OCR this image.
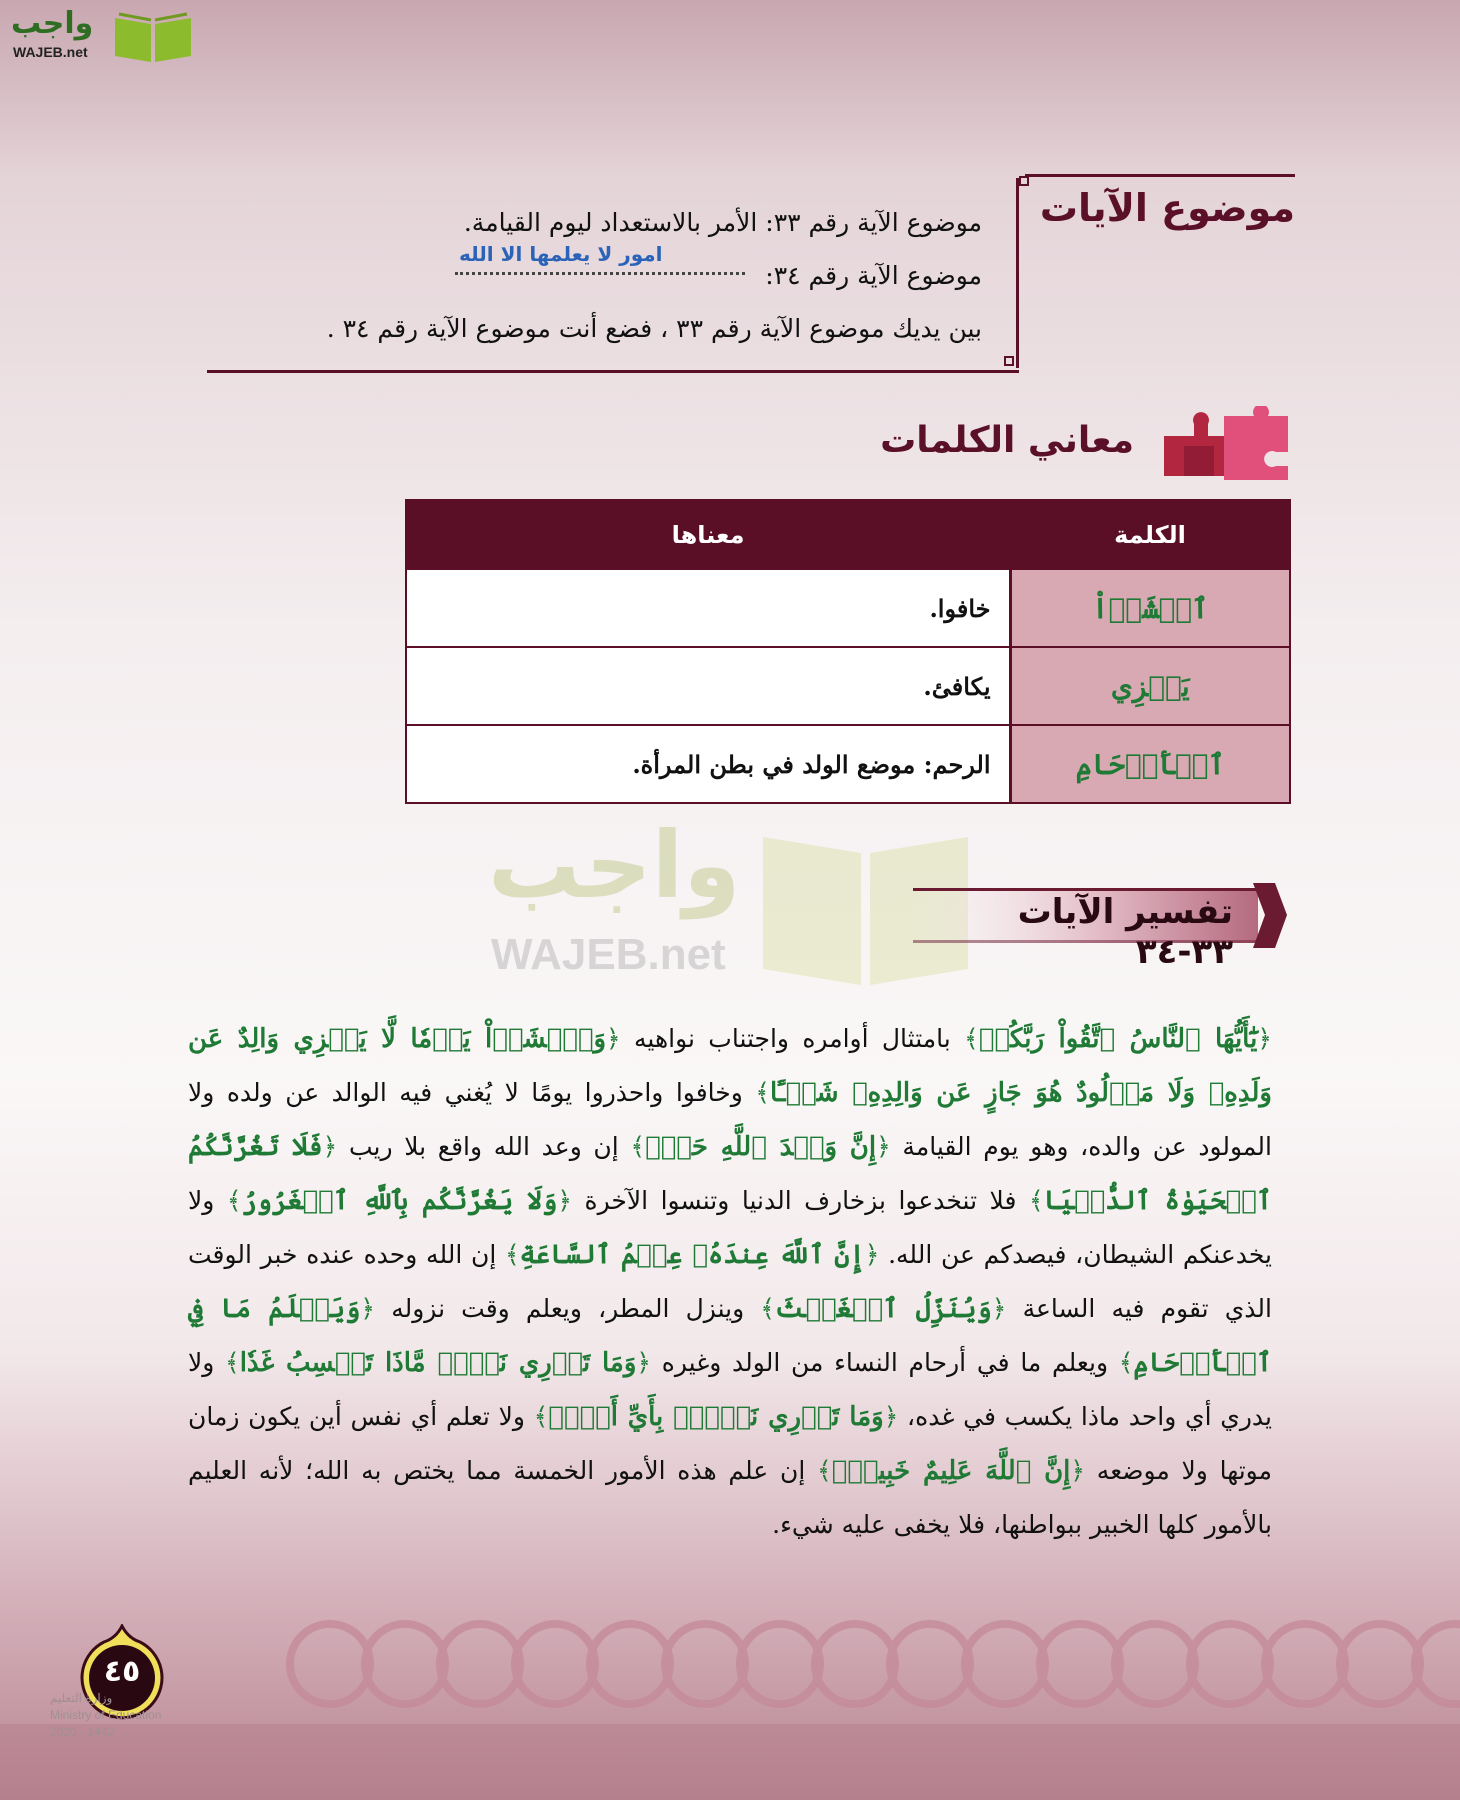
واجب
WAJEB.net
موضوع الآيات
موضوع الآية رقم ٣٣: الأمر بالاستعداد ليوم القيامة.
موضوع الآية رقم ٣٤:
بين يديك موضوع الآية رقم ٣٣ ، فضع أنت موضوع الآية رقم ٣٤ .
امور لا يعلمها الا الله
معاني الكلمات
الكلمة	معناها
ٱخۡشَوۡاْ	خافوا.
يَجۡزِي	يكافئ.
ٱلۡأَرۡحَامِ	الرحم: موضع الولد في بطن المرأة.
واجب
WAJEB.net
تفسير الآيات ٣٣-٣٤
﴿يَٰٓأَيُّهَا ٱلنَّاسُ ٱتَّقُواْ رَبَّكُمۡ﴾ بامتثال أوامره واجتناب نواهيه ﴿وَٱخۡشَوۡاْ يَوۡمٗا لَّا يَجۡزِي وَالِدٌ عَن وَلَدِهِۦ وَلَا مَوۡلُودٌ هُوَ جَازٍ عَن وَالِدِهِۦ شَيۡـًٔا﴾ وخافوا واحذروا يومًا لا يُغني فيه الوالد عن ولده ولا المولود عن والده، وهو يوم القيامة ﴿إِنَّ وَعۡدَ ٱللَّهِ حَقّٞ﴾ إن وعد الله واقع بلا ريب ﴿فَلَا تَغُرَّنَّكُمُ ٱلۡحَيَوٰةُ ٱلدُّنۡيَا﴾ فلا تنخدعوا بزخارف الدنيا وتنسوا الآخرة ﴿وَلَا يَغُرَّنَّكُم بِٱللَّهِ ٱلۡغَرُورُ﴾ ولا يخدعنكم الشيطان، فيصدكم عن الله. ﴿إِنَّ ٱللَّهَ عِندَهُۥ عِلۡمُ ٱلسَّاعَةِ﴾ إن الله وحده عنده خبر الوقت الذي تقوم فيه الساعة ﴿وَيُنَزِّلُ ٱلۡغَيۡثَ﴾ وينزل المطر، ويعلم وقت نزوله ﴿وَيَعۡلَمُ مَا فِي ٱلۡأَرۡحَامِ﴾ ويعلم ما في أرحام النساء من الولد وغيره ﴿وَمَا تَدۡرِي نَفۡسٞ مَّاذَا تَكۡسِبُ غَدٗا﴾ ولا يدري أي واحد ماذا يكسب في غده، ﴿وَمَا تَدۡرِي نَفۡسُۢ بِأَيِّ أَرۡضٖ﴾ ولا تعلم أي نفس أين يكون زمان موتها ولا موضعه ﴿إِنَّ ٱللَّهَ عَلِيمٌ خَبِيرُۢ﴾ إن علم هذه الأمور الخمسة مما يختص به الله؛ لأنه العليم بالأمور كلها الخبير ببواطنها، فلا يخفى عليه شيء.
٤٥
وزارة التعليم
Ministry of Education
2020 - 1442
